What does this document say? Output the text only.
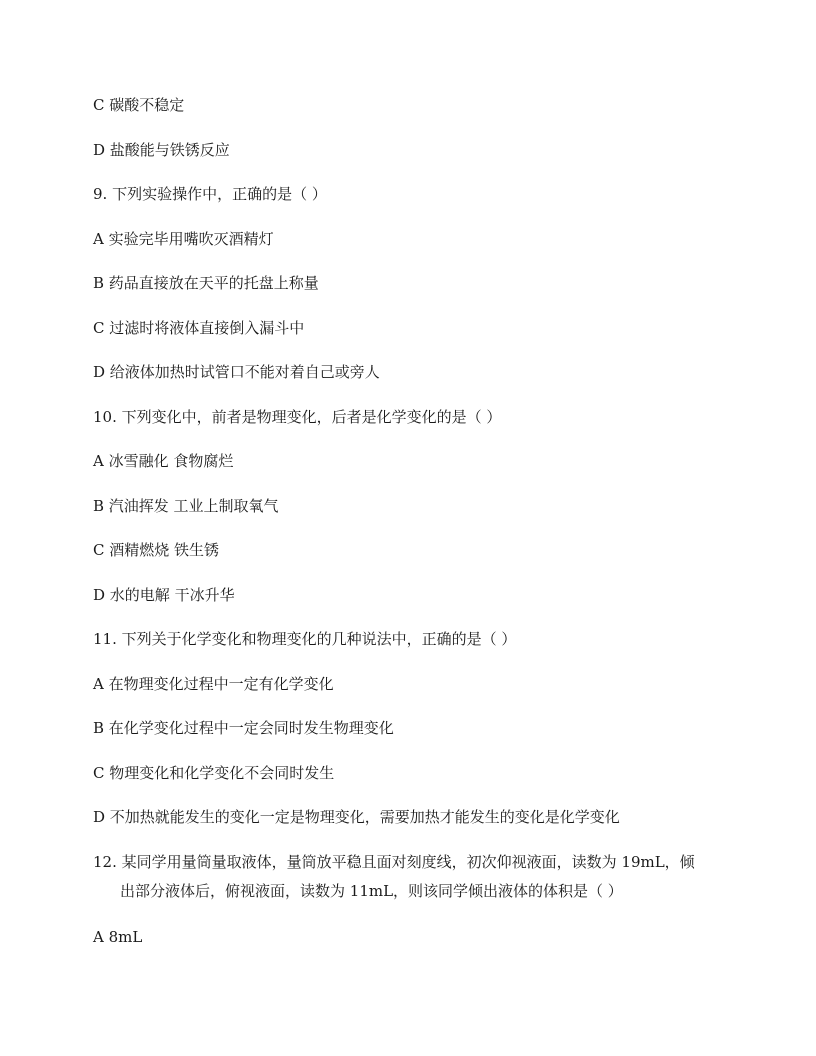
C 碳酸不稳定
D 盐酸能与铁锈反应
9. 下列实验操作中，正确的是（ ）
A 实验完毕用嘴吹灭酒精灯
B 药品直接放在天平的托盘上称量
C 过滤时将液体直接倒入漏斗中
D 给液体加热时试管口不能对着自己或旁人
10. 下列变化中，前者是物理变化，后者是化学变化的是（ ）
A 冰雪融化 食物腐烂
B 汽油挥发 工业上制取氧气
C 酒精燃烧 铁生锈
D 水的电解 干冰升华
11. 下列关于化学变化和物理变化的几种说法中，正确的是（ ）
A 在物理变化过程中一定有化学变化
B 在化学变化过程中一定会同时发生物理变化
C 物理变化和化学变化不会同时发生
D 不加热就能发生的变化一定是物理变化，需要加热才能发生的变化是化学变化
12. 某同学用量筒量取液体，量筒放平稳且面对刻度线，初次仰视液面，读数为 19mL，倾
出部分液体后，俯视液面，读数为 11mL，则该同学倾出液体的体积是（ ）
A 8mL
